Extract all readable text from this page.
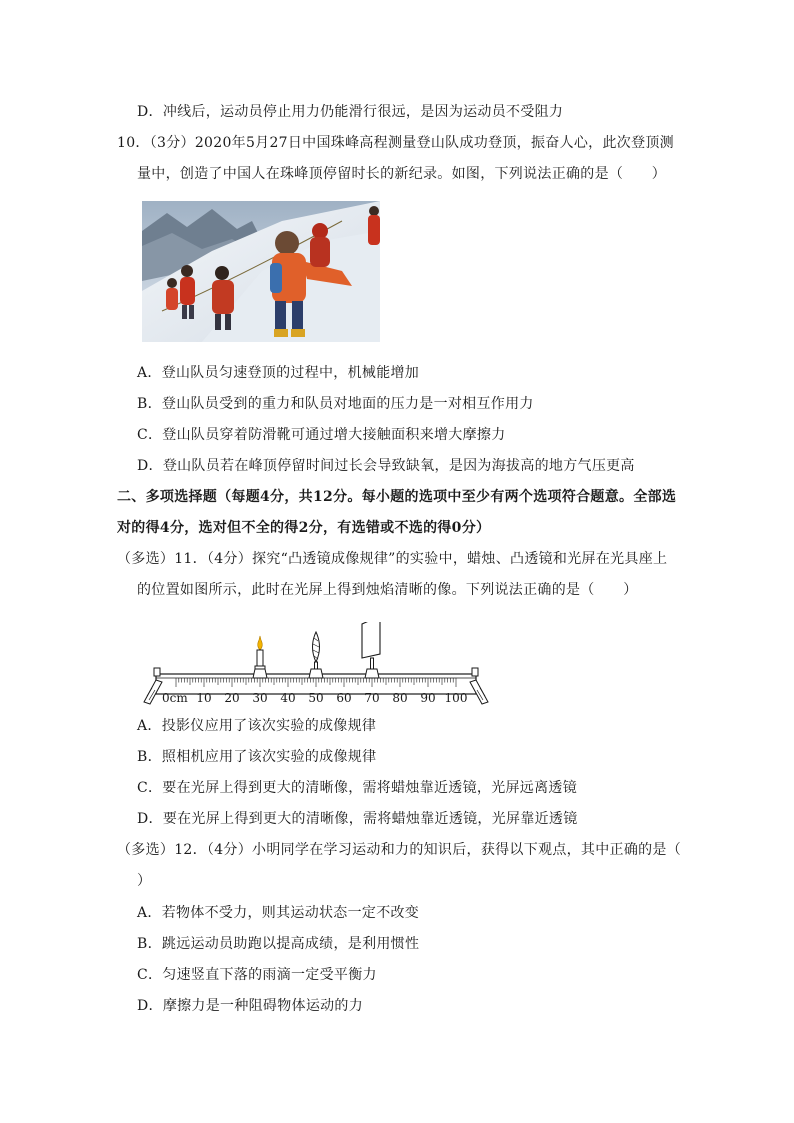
D．冲线后，运动员停止用力仍能滑行很远，是因为运动员不受阻力
10．（3分）2020年5月27日中国珠峰高程测量登山队成功登顶，振奋人心，此次登顶测
量中，创造了中国人在珠峰顶停留时长的新纪录。如图，下列说法正确的是（　　）
A．登山队员匀速登顶的过程中，机械能增加
B．登山队员受到的重力和队员对地面的压力是一对相互作用力
C．登山队员穿着防滑靴可通过增大接触面积来增大摩擦力
D．登山队员若在峰顶停留时间过长会导致缺氧，是因为海拔高的地方气压更高
二、多项选择题（每题4分，共12分。每小题的选项中至少有两个选项符合题意。全部选
对的得4分，选对但不全的得2分，有选错或不选的得0分）
（多选）11．（4分）探究“凸透镜成像规律”的实验中，蜡烛、凸透镜和光屏在光具座上
的位置如图所示，此时在光屏上得到烛焰清晰的像。下列说法正确的是（　　）
0cm 10 20 30 40 50 60 70 80 90 100
A．投影仪应用了该次实验的成像规律
B．照相机应用了该次实验的成像规律
C．要在光屏上得到更大的清晰像，需将蜡烛靠近透镜，光屏远离透镜
D．要在光屏上得到更大的清晰像，需将蜡烛靠近透镜，光屏靠近透镜
（多选）12．（4分）小明同学在学习运动和力的知识后，获得以下观点，其中正确的是（
）
A．若物体不受力，则其运动状态一定不改变
B．跳远运动员助跑以提高成绩，是利用惯性
C．匀速竖直下落的雨滴一定受平衡力
D．摩擦力是一种阻碍物体运动的力
